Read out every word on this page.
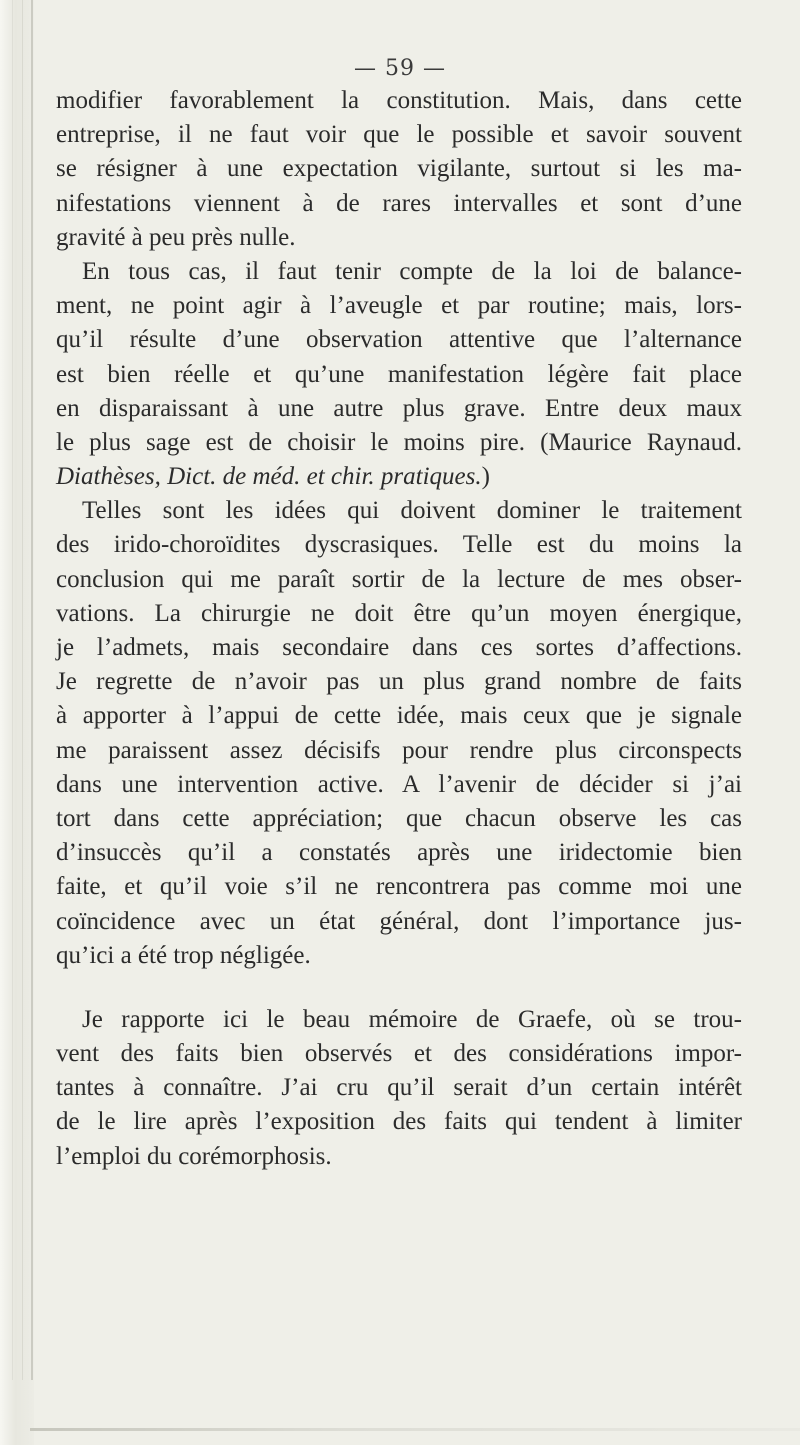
— 59 —
modifier favorablement la constitution. Mais, dans cette
entreprise, il ne faut voir que le possible et savoir souvent
se résigner à une expectation vigilante, surtout si les ma-
nifestations viennent à de rares intervalles et sont d’une
gravité à peu près nulle.
En tous cas, il faut tenir compte de la loi de balance-
ment, ne point agir à l’aveugle et par routine; mais, lors-
qu’il résulte d’une observation attentive que l’alternance
est bien réelle et qu’une manifestation légère fait place
en disparaissant à une autre plus grave. Entre deux maux
le plus sage est de choisir le moins pire. (Maurice Raynaud.
Diathèses, Dict. de méd. et chir. pratiques.)
Telles sont les idées qui doivent dominer le traitement
des irido-choroïdites dyscrasiques. Telle est du moins la
conclusion qui me paraît sortir de la lecture de mes obser-
vations. La chirurgie ne doit être qu’un moyen énergique,
je l’admets, mais secondaire dans ces sortes d’affections.
Je regrette de n’avoir pas un plus grand nombre de faits
à apporter à l’appui de cette idée, mais ceux que je signale
me paraissent assez décisifs pour rendre plus circonspects
dans une intervention active. A l’avenir de décider si j’ai
tort dans cette appréciation; que chacun observe les cas
d’insuccès qu’il a constatés après une iridectomie bien
faite, et qu’il voie s’il ne rencontrera pas comme moi une
coïncidence avec un état général, dont l’importance jus-
qu’ici a été trop négligée.
Je rapporte ici le beau mémoire de Graefe, où se trou-
vent des faits bien observés et des considérations impor-
tantes à connaître. J’ai cru qu’il serait d’un certain intérêt
de le lire après l’exposition des faits qui tendent à limiter
l’emploi du corémorphosis.
